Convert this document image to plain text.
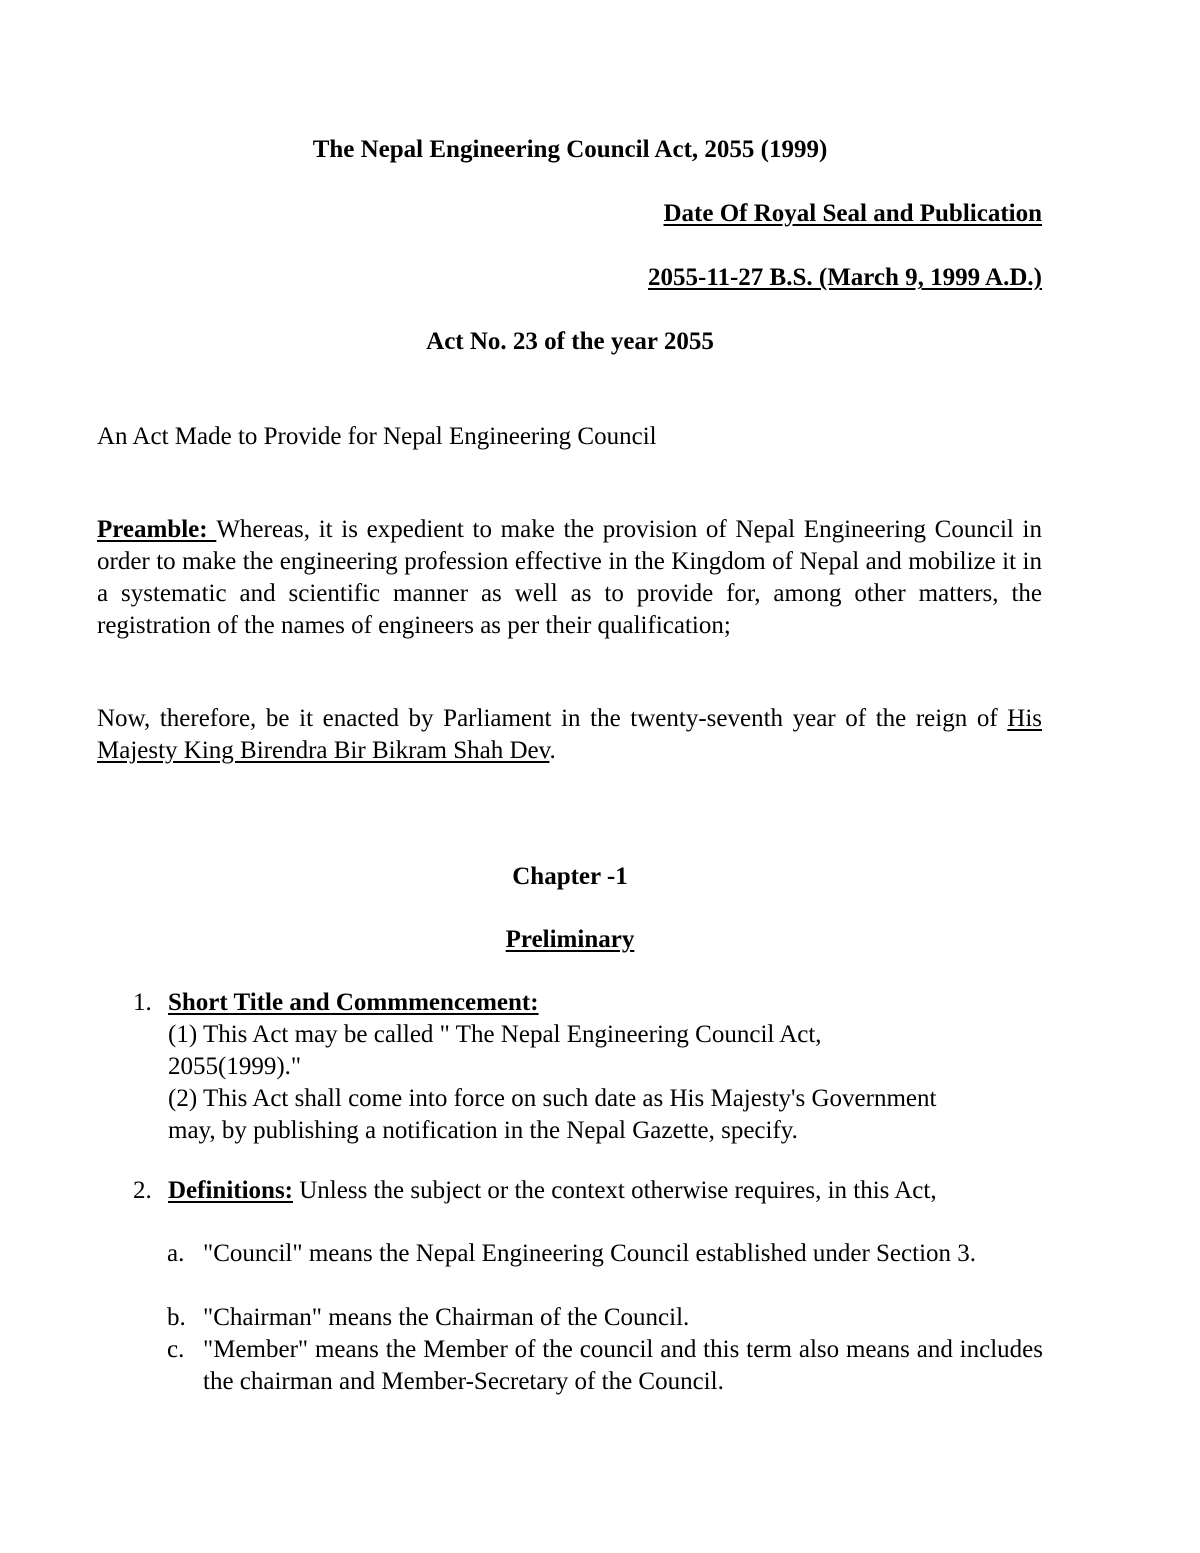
The Nepal Engineering Council Act, 2055 (1999)
Date Of Royal Seal and Publication
2055-11-27 B.S. (March 9, 1999 A.D.)
Act No. 23 of the year 2055
An Act Made to Provide for Nepal Engineering Council
Preamble: Whereas, it is expedient to make the provision of Nepal Engineering Council in order to make the engineering profession effective in the Kingdom of Nepal and mobilize it in a systematic and scientific manner as well as to provide for, among other matters, the registration of the names of engineers as per their qualification;
Now, therefore, be it enacted by Parliament in the twenty-seventh year of the reign of His Majesty King Birendra Bir Bikram Shah Dev.
Chapter -1
Preliminary
1. Short Title and Commmencement:
(1) This Act may be called " The Nepal Engineering Council Act,
2055(1999)."
(2) This Act shall come into force on such date as His Majesty's Government
may, by publishing a notification in the Nepal Gazette, specify.
2. Definitions: Unless the subject or the context otherwise requires, in this Act,
a. "Council" means the Nepal Engineering Council established under Section 3.
b. "Chairman" means the Chairman of the Council.
c. "Member" means the Member of the council and this term also means and includes the chairman and Member-Secretary of the Council.
